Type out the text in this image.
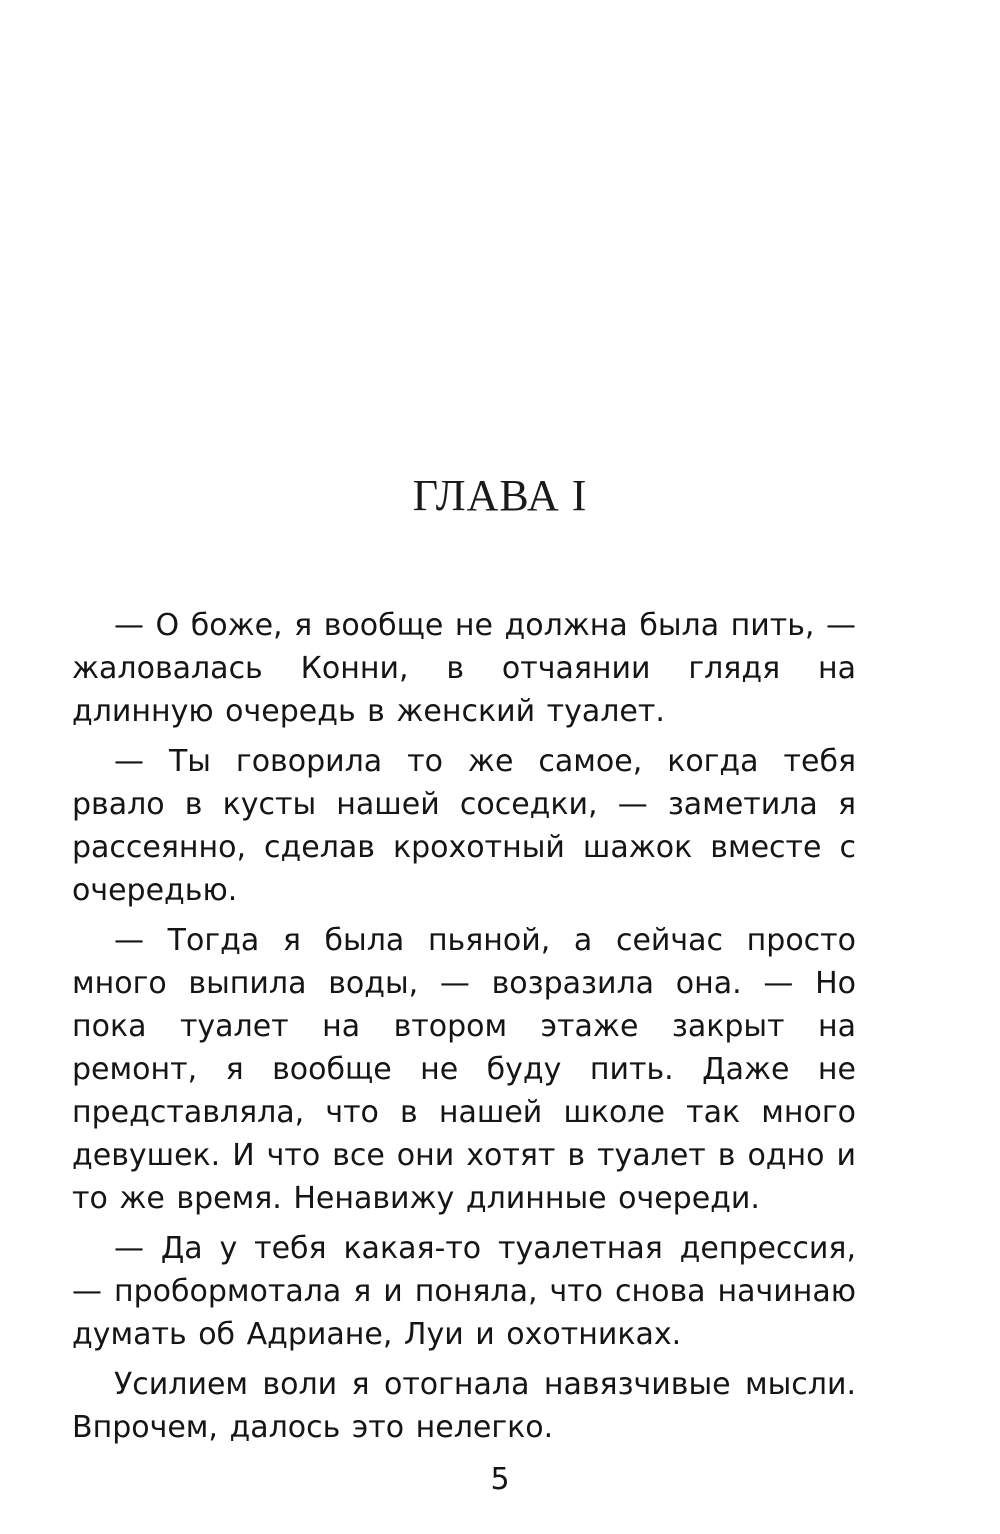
ГЛАВА I

— О боже, я вообще не должна была пить, — жаловалась Конни, в отчаянии глядя на длинную очередь в женский туалет.

— Ты говорила то же самое, когда тебя рвало в кусты нашей соседки, — заметила я рассеянно, сделав крохотный шажок вместе с очередью.

— Тогда я была пьяной, а сейчас просто много выпила воды, — возразила она. — Но пока туалет на втором этаже закрыт на ремонт, я вообще не буду пить. Даже не представляла, что в нашей школе так много девушек. И что все они хотят в туалет в одно и то же время. Ненавижу длинные очереди.

— Да у тебя какая-то туалетная депрессия, — пробормотала я и поняла, что снова начинаю думать об Адриане, Луи и охотниках.

Усилием воли я отогнала навязчивые мысли. Впрочем, далось это нелегко.

5
